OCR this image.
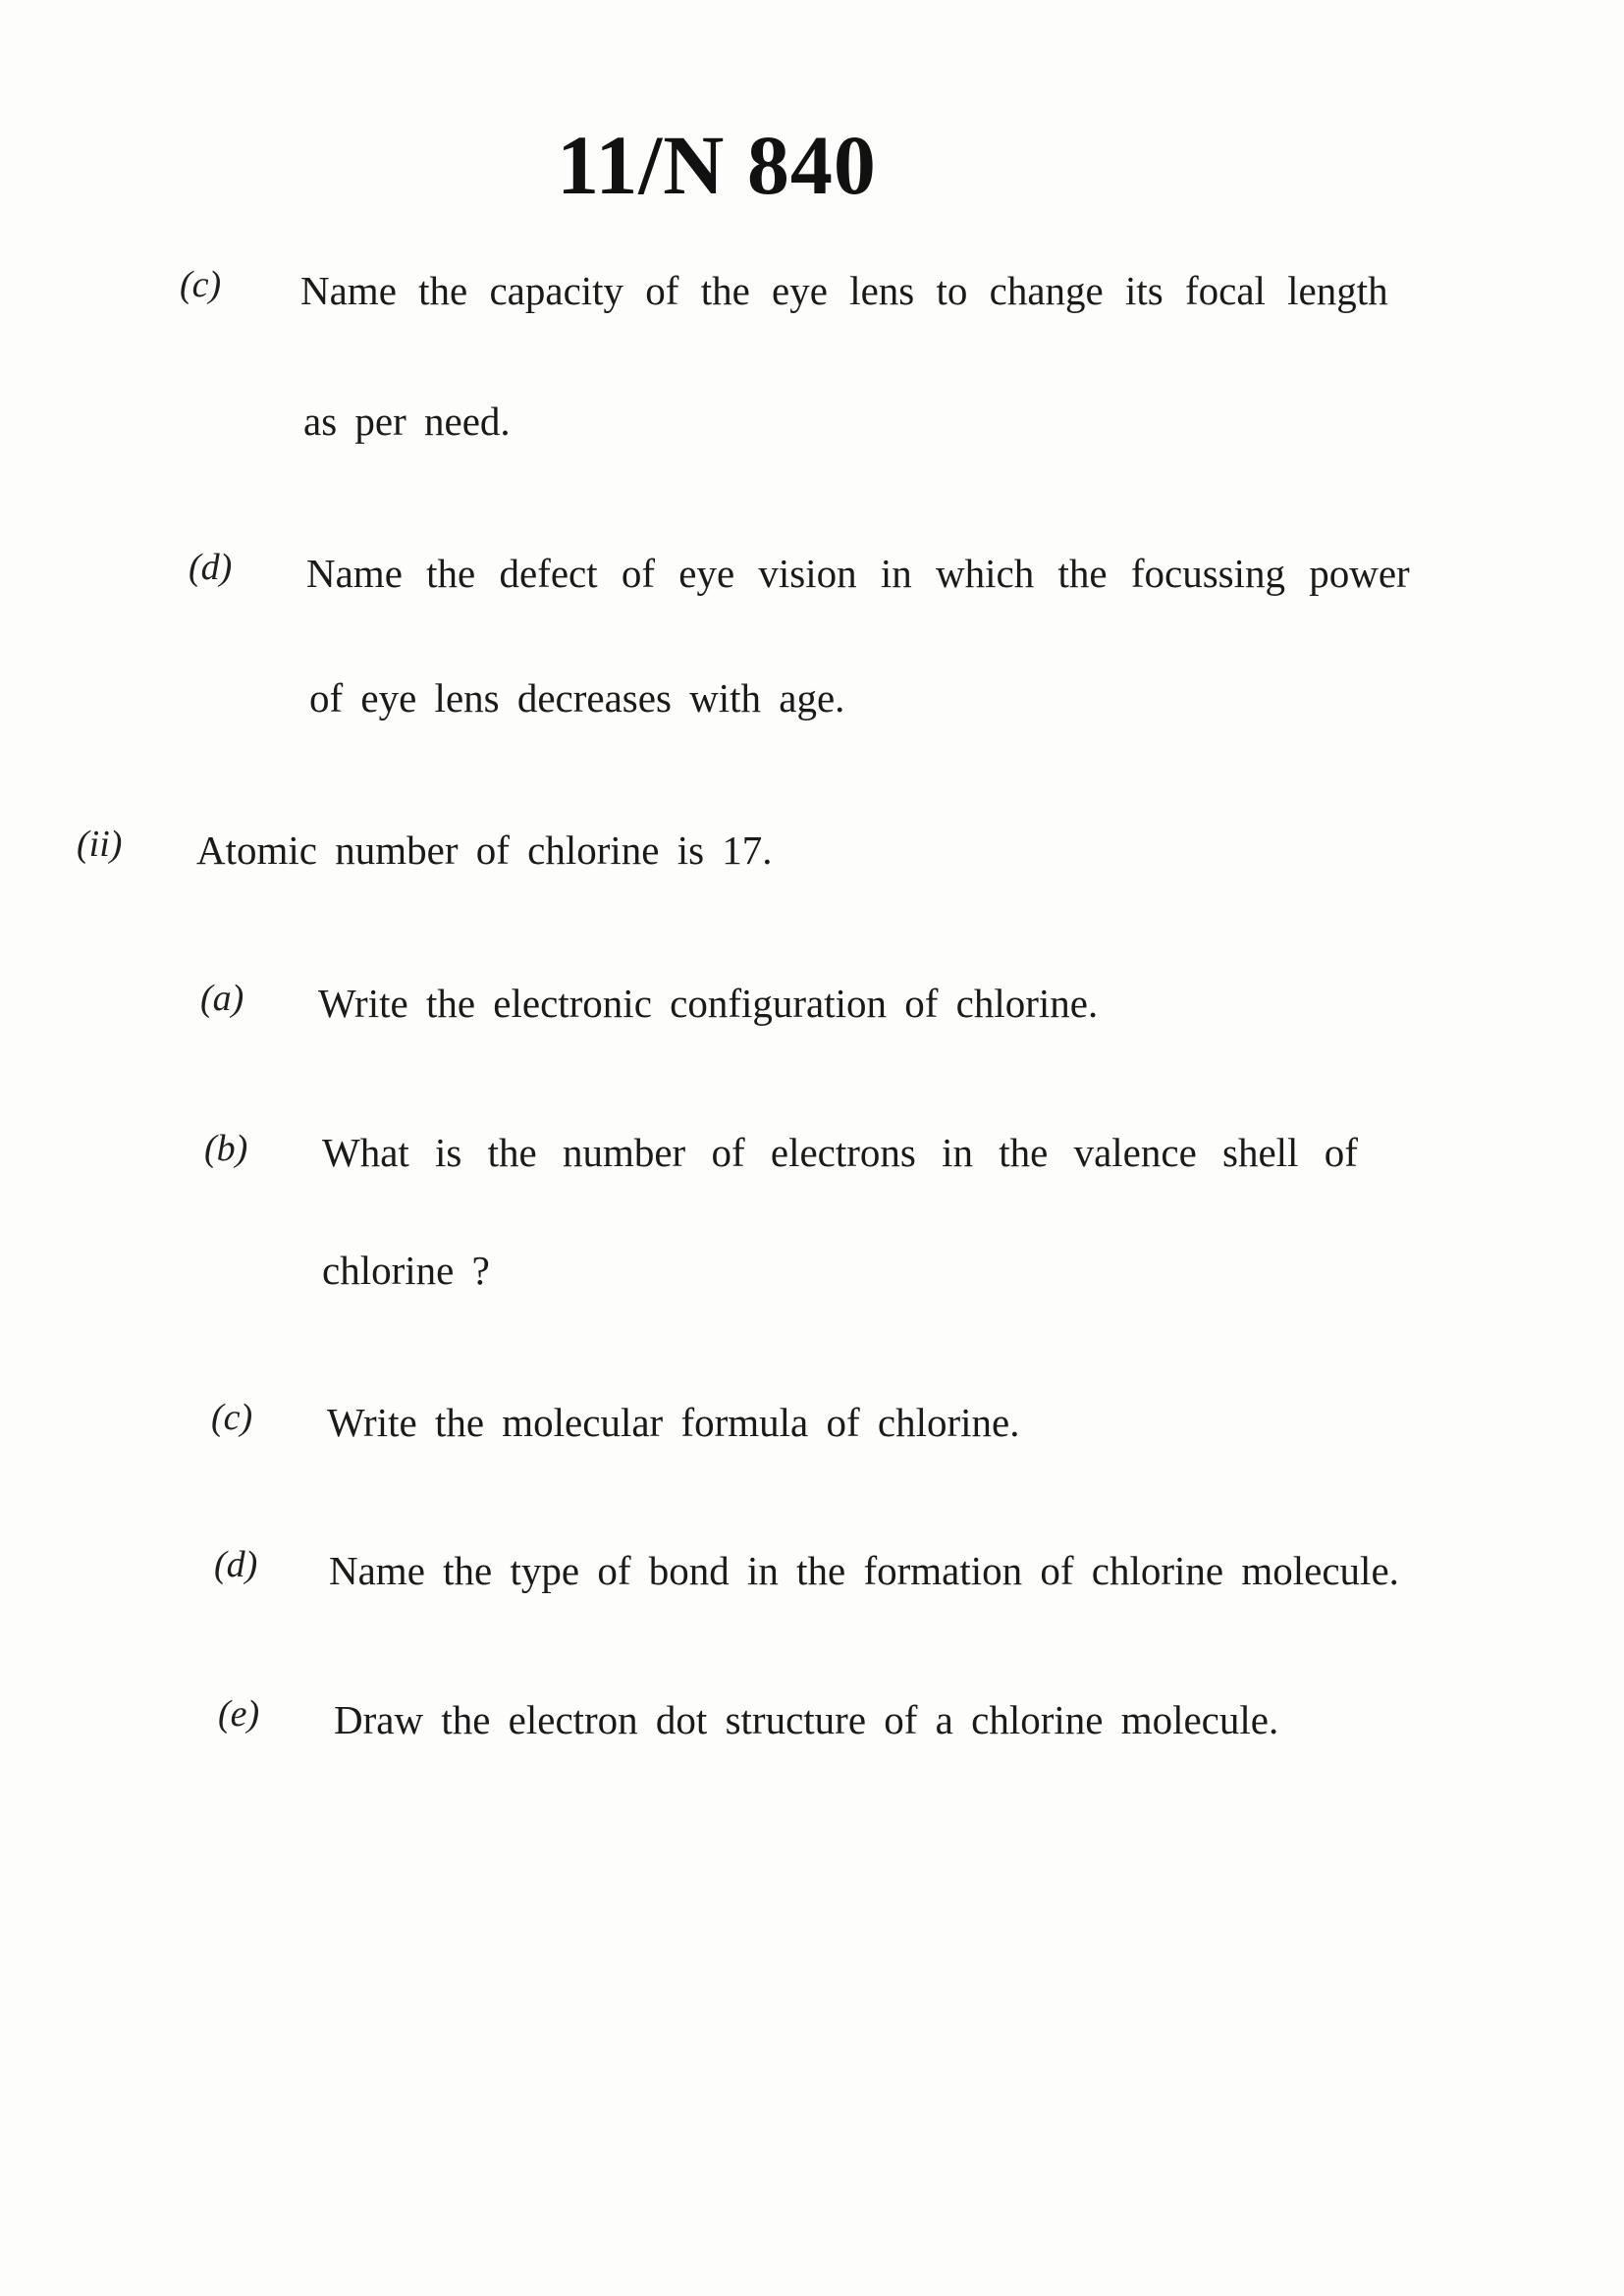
11/N 840
(c) Name the capacity of the eye lens to change its focal length
as per need.
(d) Name the defect of eye vision in which the focussing power
of eye lens decreases with age.
(ii) Atomic number of chlorine is 17.
(a) Write the electronic configuration of chlorine.
(b) What is the number of electrons in the valence shell of
chlorine ?
(c) Write the molecular formula of chlorine.
(d) Name the type of bond in the formation of chlorine molecule.
(e) Draw the electron dot structure of a chlorine molecule.
